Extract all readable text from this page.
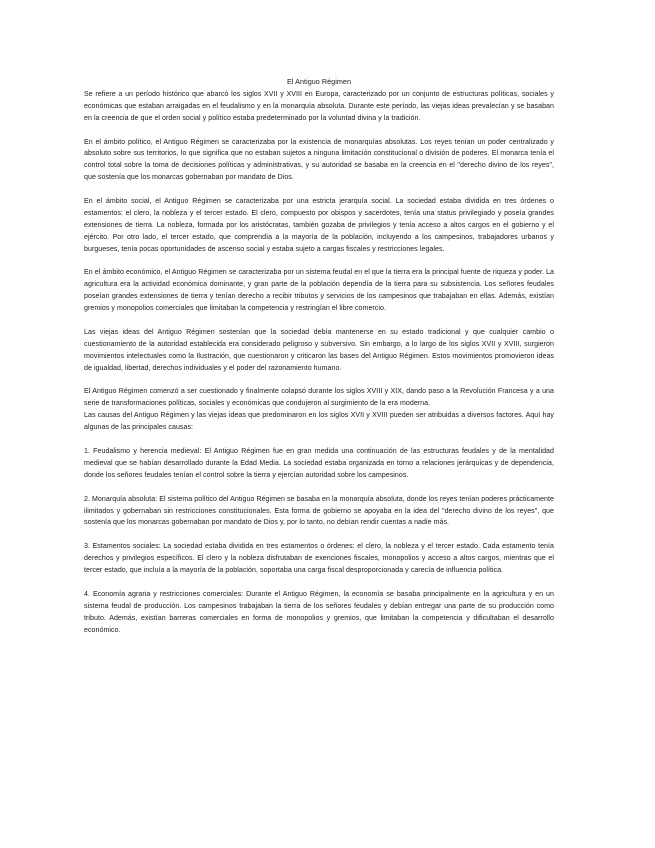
El Antiguo Régimen

Se refiere a un período histórico que abarcó los siglos XVII y XVIII en Europa, caracterizado por un conjunto de estructuras políticas, sociales y económicas que estaban arraigadas en el feudalismo y en la monarquía absoluta. Durante este período, las viejas ideas prevalecían y se basaban en la creencia de que el orden social y político estaba predeterminado por la voluntad divina y la tradición.

En el ámbito político, el Antiguo Régimen se caracterizaba por la existencia de monarquías absolutas. Los reyes tenían un poder centralizado y absoluto sobre sus territorios, lo que significa que no estaban sujetos a ninguna limitación constitucional o división de poderes. El monarca tenía el control total sobre la toma de decisiones políticas y administrativas, y su autoridad se basaba en la creencia en el "derecho divino de los reyes", que sostenía que los monarcas gobernaban por mandato de Dios.

En el ámbito social, el Antiguo Régimen se caracterizaba por una estricta jerarquía social. La sociedad estaba dividida en tres órdenes o estamentos: el clero, la nobleza y el tercer estado. El clero, compuesto por obispos y sacerdotes, tenía una status privilegiado y poseía grandes extensiones de tierra. La nobleza, formada por los aristócratas, también gozaba de privilegios y tenía acceso a altos cargos en el gobierno y el ejército. Por otro lado, el tercer estado, que comprendía a la mayoría de la población, incluyendo a los campesinos, trabajadores urbanos y burgueses, tenía pocas oportunidades de ascenso social y estaba sujeto a cargas fiscales y restricciones legales.

En el ámbito económico, el Antiguo Régimen se caracterizaba por un sistema feudal en el que la tierra era la principal fuente de riqueza y poder. La agricultura era la actividad económica dominante, y gran parte de la población dependía de la tierra para su subsistencia. Los señores feudales poseían grandes extensiones de tierra y tenían derecho a recibir tributos y servicios de los campesinos que trabajaban en ellas. Además, existían gremios y monopolios comerciales que limitaban la competencia y restringían el libre comercio.

Las viejas ideas del Antiguo Régimen sostenían que la sociedad debía mantenerse en su estado tradicional y que cualquier cambio o cuestionamiento de la autoridad establecida era considerado peligroso y subversivo. Sin embargo, a lo largo de los siglos XVII y XVIII, surgieron movimientos intelectuales como la Ilustración, que cuestionaron y criticaron las bases del Antiguo Régimen. Estos movimientos promovieron ideas de igualdad, libertad, derechos individuales y el poder del razonamiento humano.

El Antiguo Régimen comenzó a ser cuestionado y finalmente colapsó durante los siglos XVIII y XIX, dando paso a la Revolución Francesa y a una serie de transformaciones políticas, sociales y económicas que condujeron al surgimiento de la era moderna.

Las causas del Antiguo Régimen y las viejas ideas que predominaron en los siglos XVII y XVIII pueden ser atribuidas a diversos factores. Aquí hay algunas de las principales causas:

1. Feudalismo y herencia medieval: El Antiguo Régimen fue en gran medida una continuación de las estructuras feudales y de la mentalidad medieval que se habían desarrollado durante la Edad Media. La sociedad estaba organizada en torno a relaciones jerárquicas y de dependencia, donde los señores feudales tenían el control sobre la tierra y ejercían autoridad sobre los campesinos.

2. Monarquía absoluta: El sistema político del Antiguo Régimen se basaba en la monarquía absoluta, donde los reyes tenían poderes prácticamente ilimitados y gobernaban sin restricciones constitucionales. Esta forma de gobierno se apoyaba en la idea del "derecho divino de los reyes", que sostenía que los monarcas gobernaban por mandato de Dios y, por lo tanto, no debían rendir cuentas a nadie más.

3. Estamentos sociales: La sociedad estaba dividida en tres estamentos o órdenes: el clero, la nobleza y el tercer estado. Cada estamento tenía derechos y privilegios específicos. El clero y la nobleza disfrutaban de exenciones fiscales, monopolios y acceso a altos cargos, mientras que el tercer estado, que incluía a la mayoría de la población, soportaba una carga fiscal desproporcionada y carecía de influencia política.

4. Economía agraria y restricciones comerciales: Durante el Antiguo Régimen, la economía se basaba principalmente en la agricultura y en un sistema feudal de producción. Los campesinos trabajaban la tierra de los señores feudales y debían entregar una parte de su producción como tributo. Además, existían barreras comerciales en forma de monopolios y gremios, que limitaban la competencia y dificultaban el desarrollo económico.
